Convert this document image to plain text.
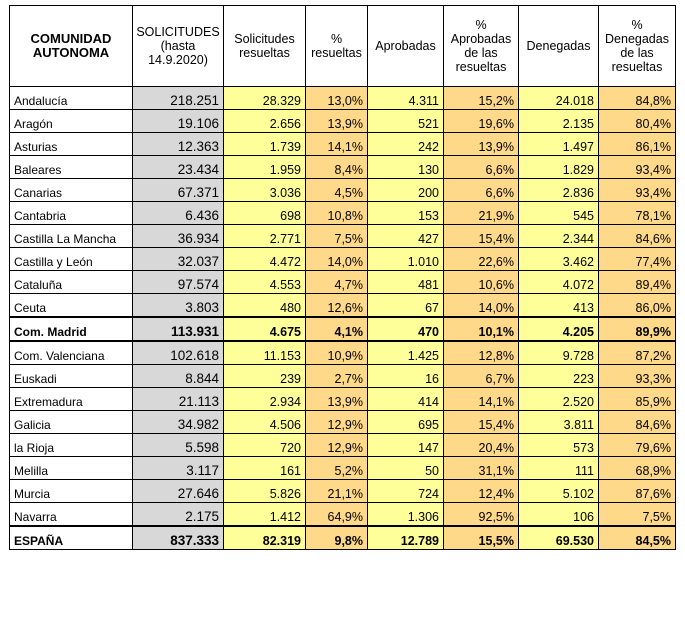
COMUNIDAD AUTONOMA	SOLICITUDES (hasta 14.9.2020)	Solicitudes resueltas	% resueltas	Aprobadas	% Aprobadas de las resueltas	Denegadas	% Denegadas de las resueltas
Andalucía	218.251	28.329	13,0%	4.311	15,2%	24.018	84,8%
Aragón	19.106	2.656	13,9%	521	19,6%	2.135	80,4%
Asturias	12.363	1.739	14,1%	242	13,9%	1.497	86,1%
Baleares	23.434	1.959	8,4%	130	6,6%	1.829	93,4%
Canarias	67.371	3.036	4,5%	200	6,6%	2.836	93,4%
Cantabria	6.436	698	10,8%	153	21,9%	545	78,1%
Castilla La Mancha	36.934	2.771	7,5%	427	15,4%	2.344	84,6%
Castilla y León	32.037	4.472	14,0%	1.010	22,6%	3.462	77,4%
Cataluña	97.574	4.553	4,7%	481	10,6%	4.072	89,4%
Ceuta	3.803	480	12,6%	67	14,0%	413	86,0%
Com. Madrid	113.931	4.675	4,1%	470	10,1%	4.205	89,9%
Com. Valenciana	102.618	11.153	10,9%	1.425	12,8%	9.728	87,2%
Euskadi	8.844	239	2,7%	16	6,7%	223	93,3%
Extremadura	21.113	2.934	13,9%	414	14,1%	2.520	85,9%
Galicia	34.982	4.506	12,9%	695	15,4%	3.811	84,6%
la Rioja	5.598	720	12,9%	147	20,4%	573	79,6%
Melilla	3.117	161	5,2%	50	31,1%	111	68,9%
Murcia	27.646	5.826	21,1%	724	12,4%	5.102	87,6%
Navarra	2.175	1.412	64,9%	1.306	92,5%	106	7,5%
ESPAÑA	837.333	82.319	9,8%	12.789	15,5%	69.530	84,5%
